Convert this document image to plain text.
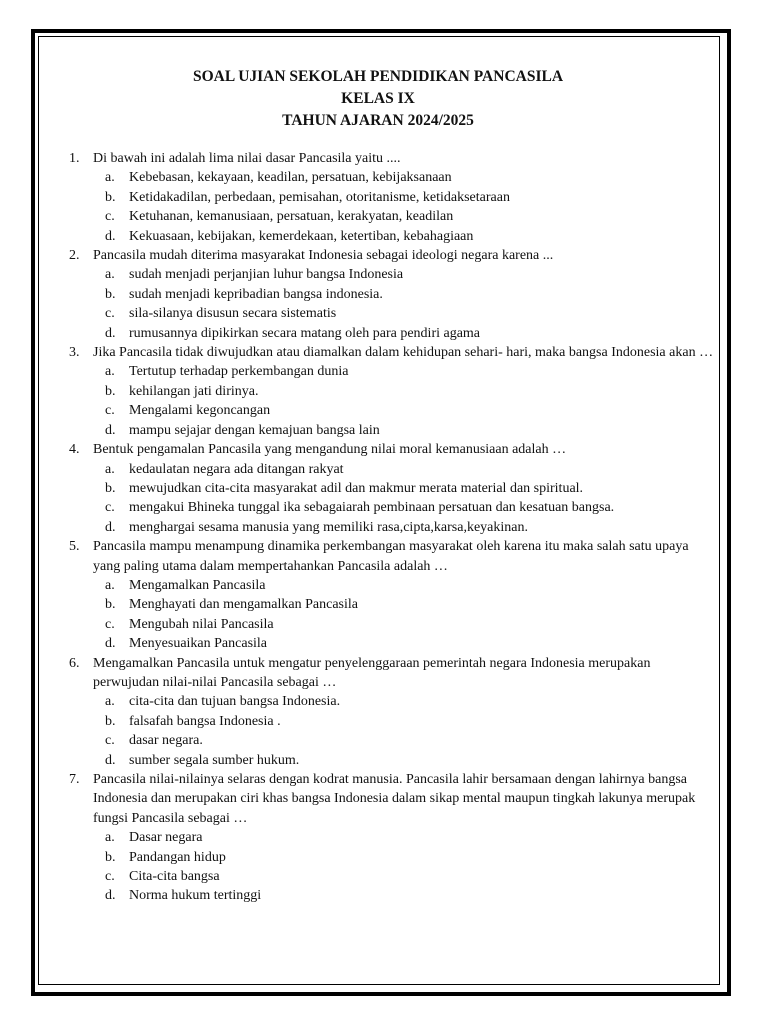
SOAL UJIAN SEKOLAH PENDIDIKAN PANCASILA
KELAS IX
TAHUN AJARAN 2024/2025
1. Di bawah ini adalah lima nilai dasar Pancasila yaitu ....
a. Kebebasan, kekayaan, keadilan, persatuan, kebijaksanaan
b. Ketidakadilan, perbedaan, pemisahan, otoritanisme, ketidaksetaraan
c. Ketuhanan, kemanusiaan, persatuan, kerakyatan, keadilan
d. Kekuasaan, kebijakan, kemerdekaan, ketertiban, kebahagiaan
2. Pancasila mudah diterima masyarakat Indonesia sebagai ideologi negara karena ...
a. sudah menjadi perjanjian luhur bangsa Indonesia
b. sudah menjadi kepribadian bangsa indonesia.
c. sila-silanya disusun secara sistematis
d. rumusannya dipikirkan secara matang oleh para pendiri agama
3. Jika Pancasila tidak diwujudkan atau diamalkan dalam kehidupan sehari- hari, maka bangsa Indonesia akan …
a. Tertutup terhadap perkembangan dunia
b. kehilangan jati dirinya.
c. Mengalami kegoncangan
d. mampu sejajar dengan kemajuan bangsa lain
4. Bentuk pengamalan Pancasila yang mengandung nilai moral kemanusiaan adalah …
a. kedaulatan negara ada ditangan rakyat
b. mewujudkan cita-cita masyarakat adil dan makmur merata material dan spiritual.
c. mengakui Bhineka tunggal ika sebagaiarah pembinaan persatuan dan kesatuan bangsa.
d. menghargai sesama manusia yang memiliki rasa,cipta,karsa,keyakinan.
5. Pancasila mampu menampung dinamika perkembangan masyarakat oleh karena itu maka salah satu upaya yang paling utama dalam mempertahankan Pancasila adalah …
a. Mengamalkan Pancasila
b. Menghayati dan mengamalkan Pancasila
c. Mengubah nilai Pancasila
d. Menyesuaikan Pancasila
6. Mengamalkan Pancasila untuk mengatur penyelenggaraan pemerintah negara Indonesia merupakan perwujudan nilai-nilai Pancasila sebagai …
a. cita-cita dan tujuan bangsa Indonesia.
b. falsafah bangsa Indonesia .
c. dasar negara.
d. sumber segala sumber hukum.
7. Pancasila nilai-nilainya selaras dengan kodrat manusia. Pancasila lahir bersamaan dengan lahirnya bangsa Indonesia dan merupakan ciri khas bangsa Indonesia dalam sikap mental maupun tingkah lakunya merupak fungsi Pancasila sebagai …
a. Dasar negara
b. Pandangan hidup
c. Cita-cita bangsa
d. Norma hukum tertinggi
